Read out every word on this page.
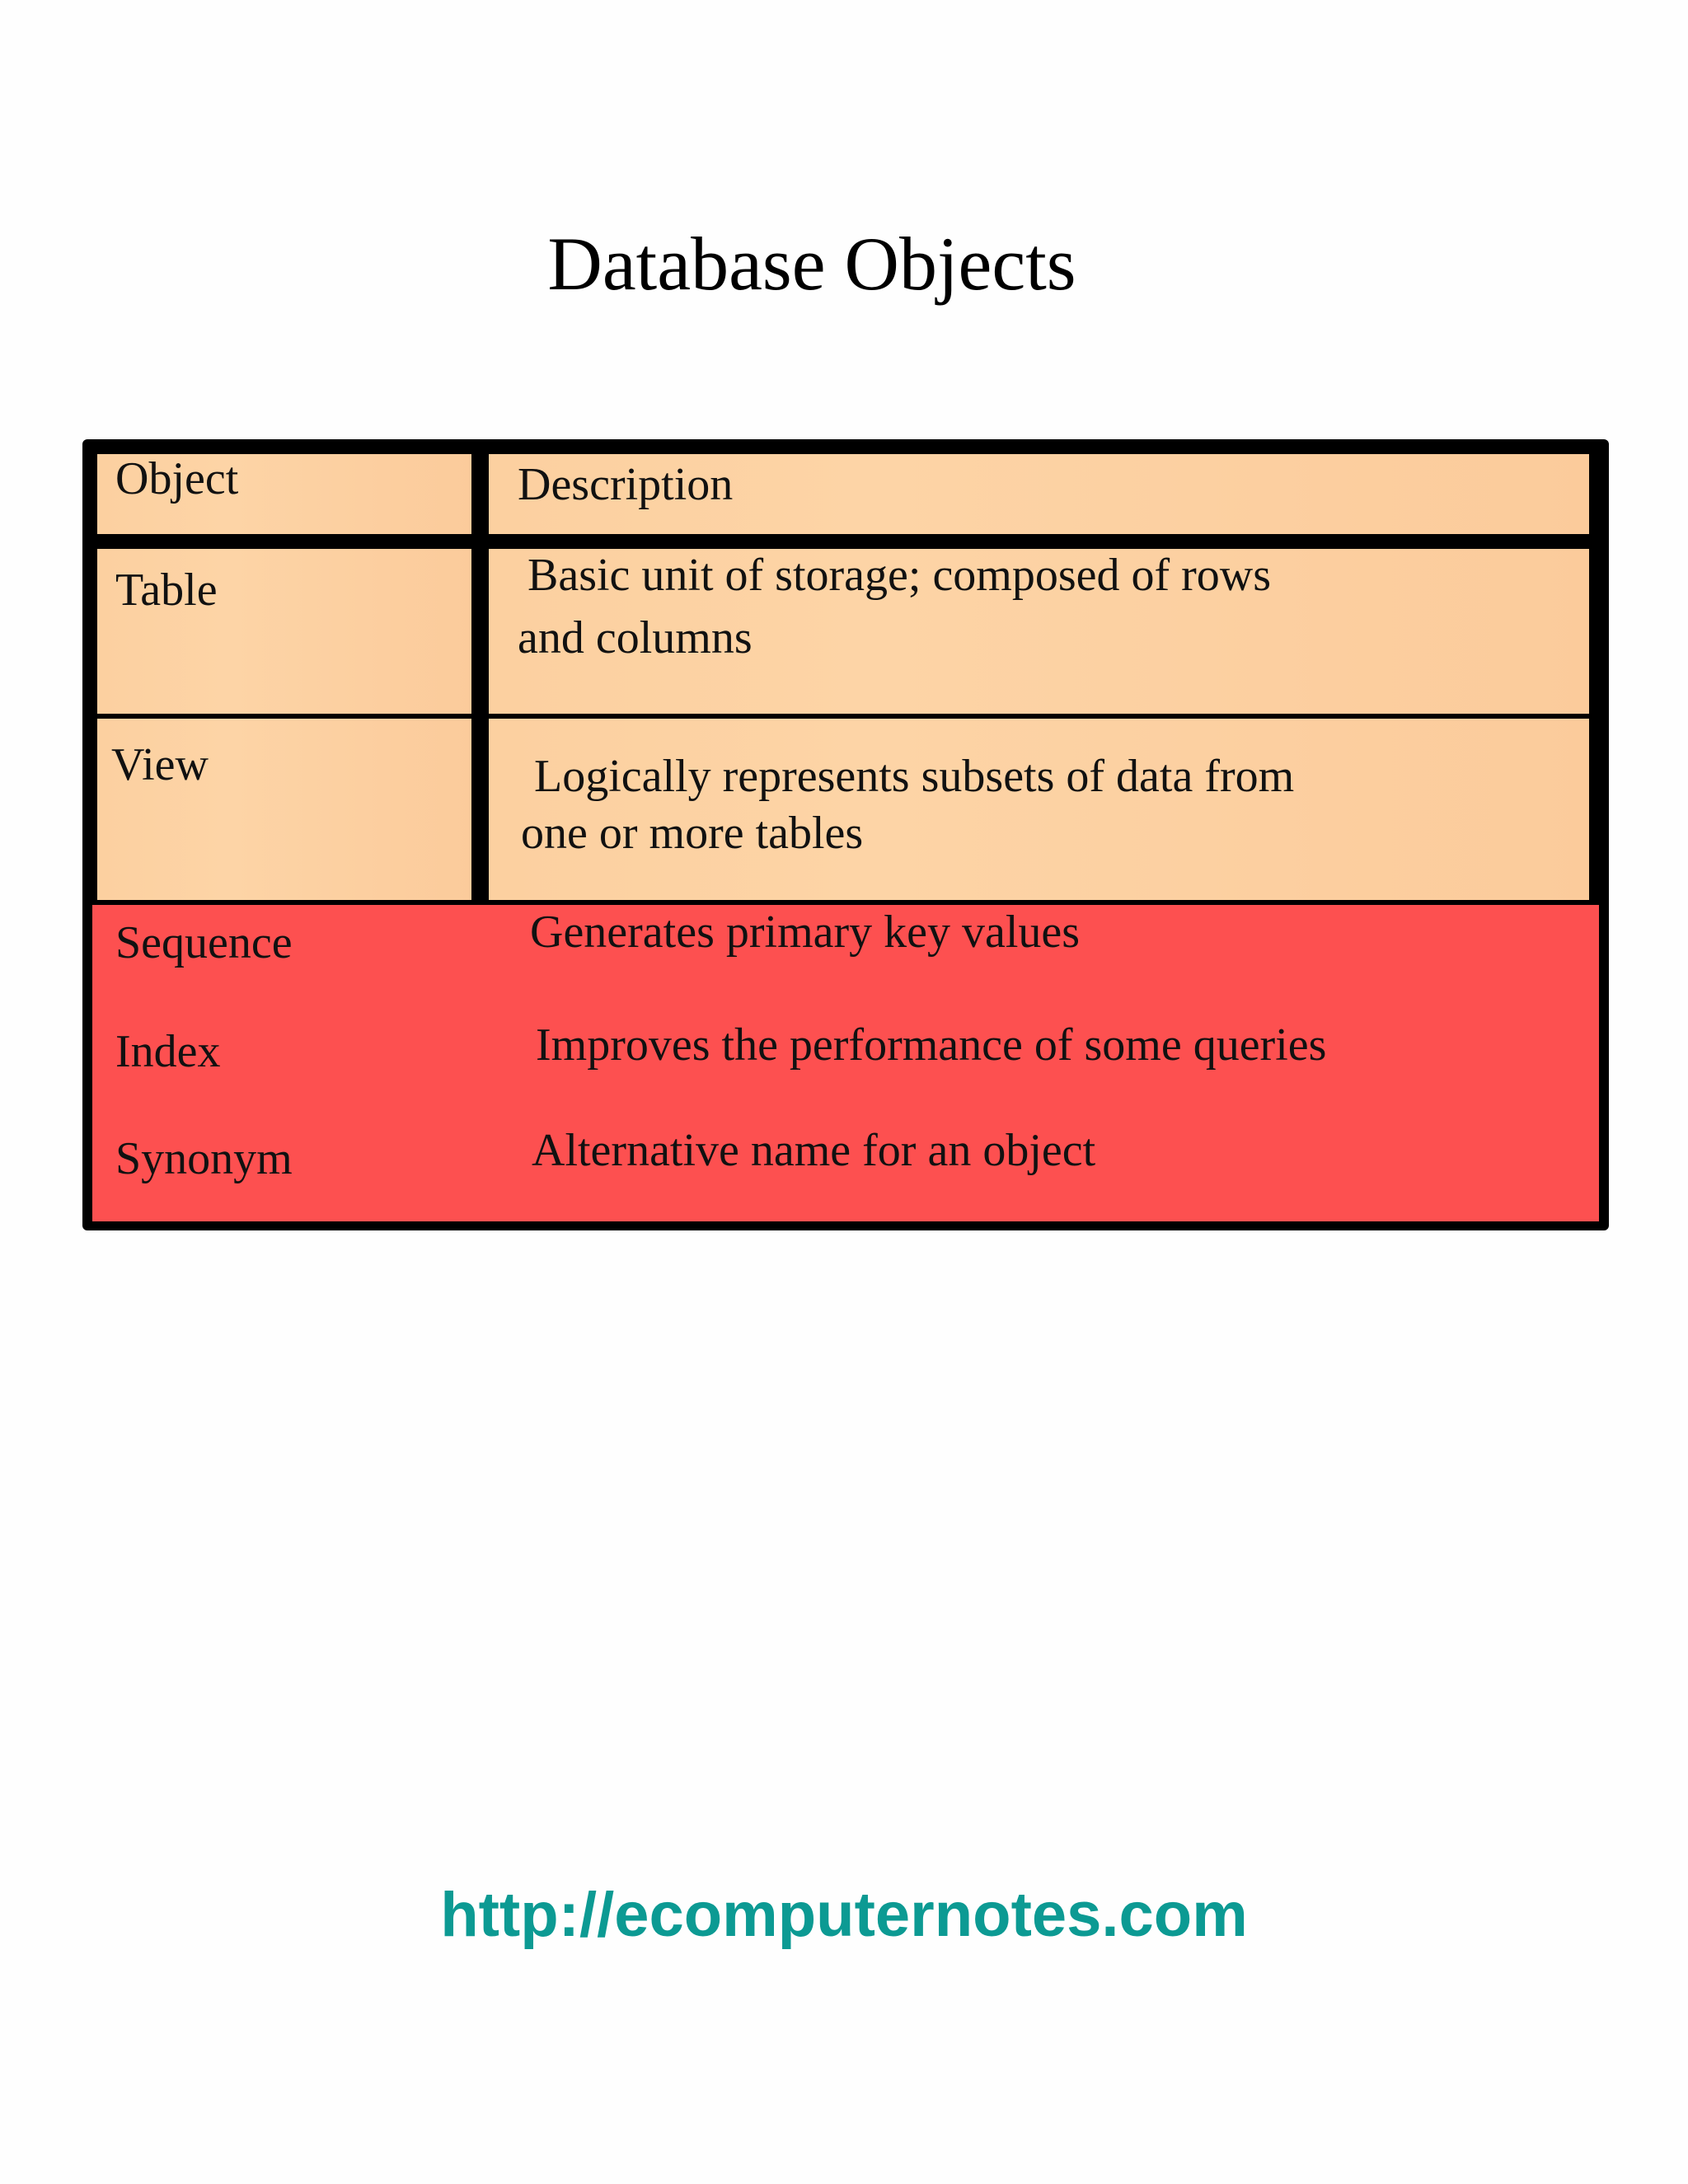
Database Objects
Object	Description
Table	Basic unit of storage; composed of rows
and columns
View	Logically represents subsets of data from
one or more tables
Sequence	Generates primary key values
Index	Improves the performance of some queries
Synonym	Alternative name for an object
http://ecomputernotes.com
